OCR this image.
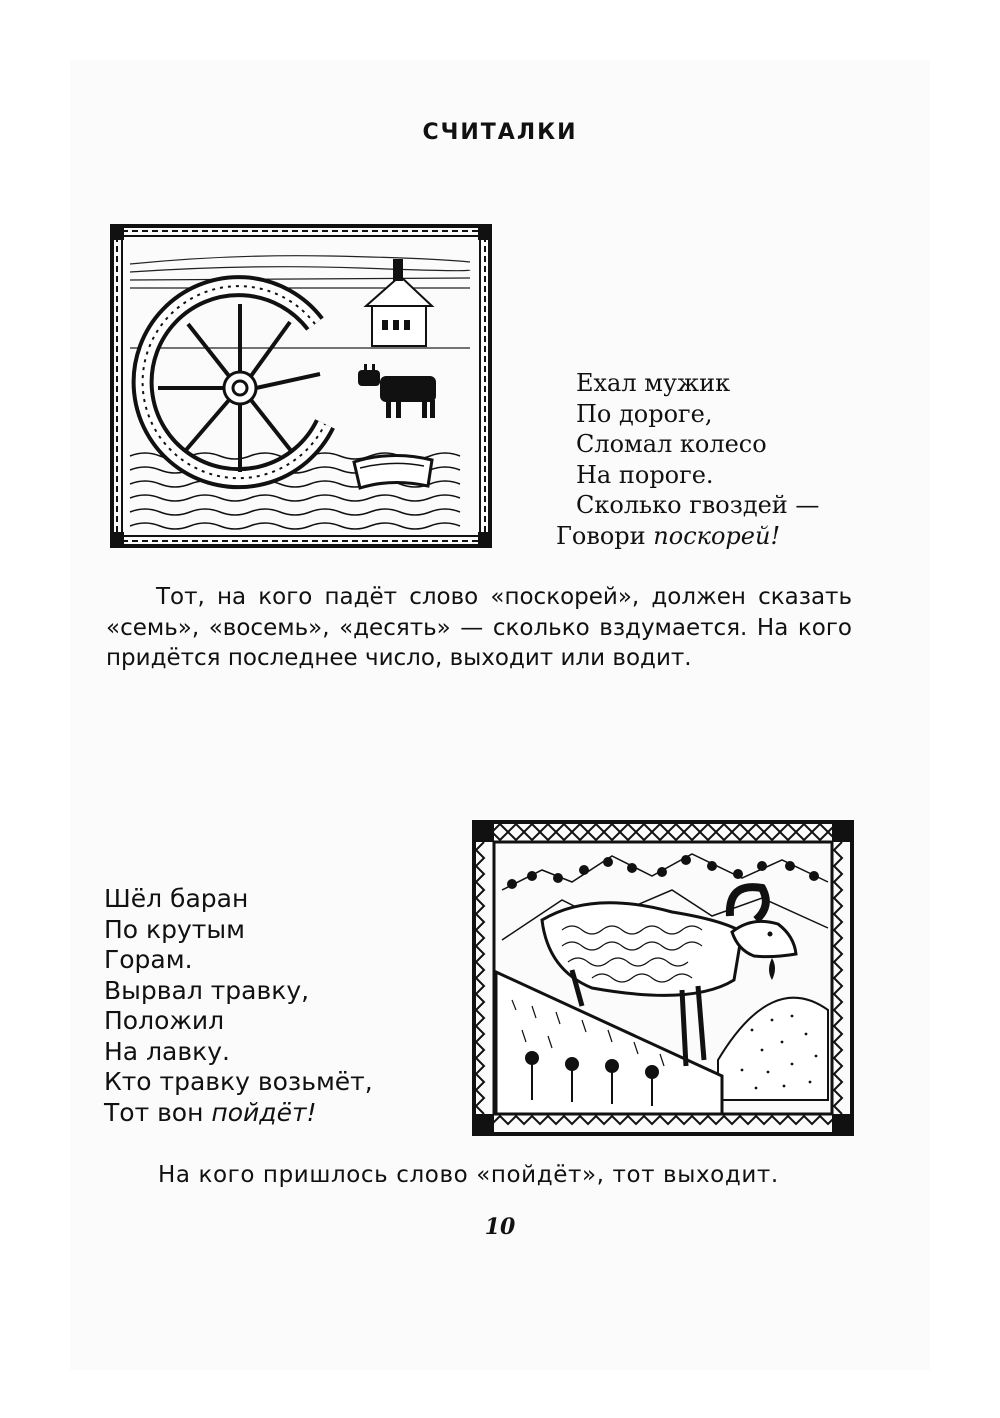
СЧИТАЛКИ
Ехал мужик
По дороге,
Сломал колесо
На пороге.
Сколько гвоздей —
Говори поскорей!
Тот, на кого падёт слово «поскорей», должен сказать «семь», «восемь», «десять» — сколько вздумается. На кого придётся последнее число, выходит или водит.
Шёл баран
По крутым
Горам.
Вырвал травку,
Положил
На лавку.
Кто травку возьмёт,
Тот вон пойдёт!
На кого пришлось слово «пойдёт», тот выходит.
10
